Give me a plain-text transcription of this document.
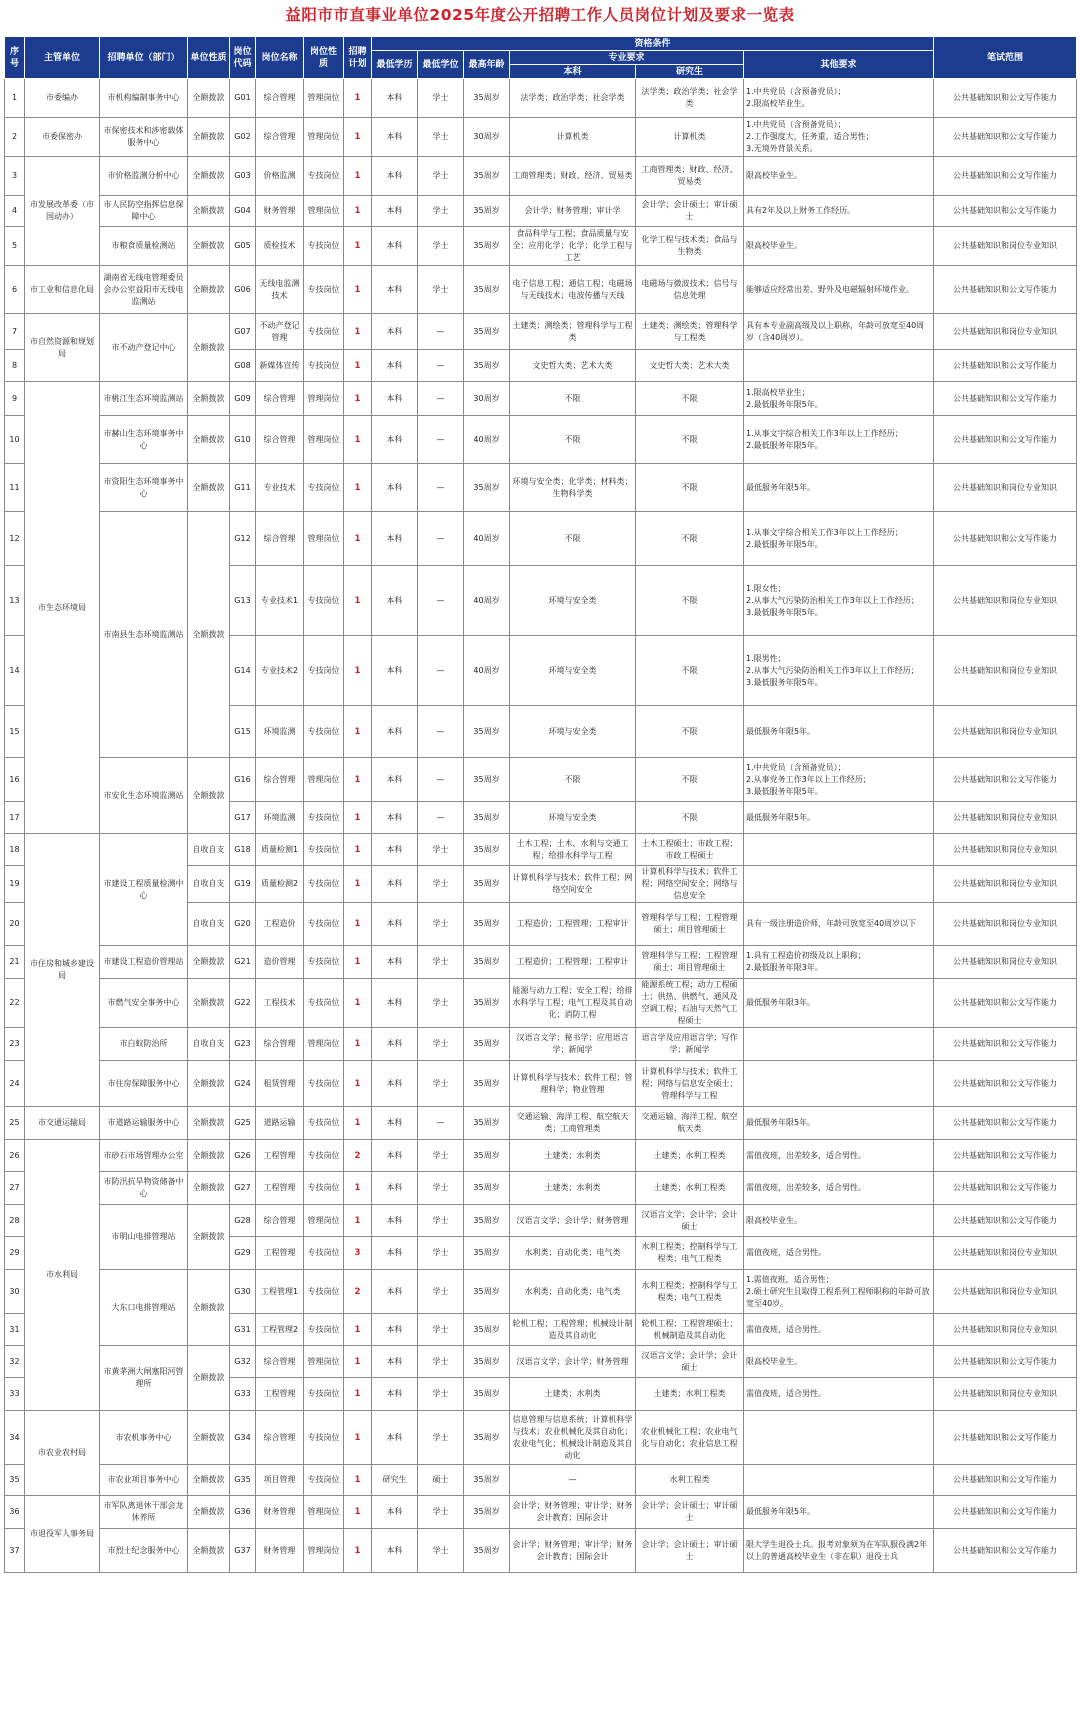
益阳市市直事业单位2025年度公开招聘工作人员岗位计划及要求一览表
序号	主管单位	招聘单位（部门）	单位性质	岗位代码	岗位名称	岗位性质	招聘计划	资格条件						笔试范围
								最低学历	最低学位	最高年龄	专业要求		其他要求	
											本科	研究生		
1	市委编办	市机构编制事务中心	全额拨款	G01	综合管理	管理岗位	1	本科	学士	35周岁	法学类；政治学类；社会学类	法学类；政治学类；社会学类	1.中共党员（含预备党员）；
2.限高校毕业生。	公共基础知识和公文写作能力
2	市委保密办	市保密技术和涉密载体服务中心	全额拨款	G02	综合管理	管理岗位	1	本科	学士	30周岁	计算机类	计算机类	1.中共党员（含预备党员）；
2.工作强度大，任务重，适合男性；
3.无境外背景关系。	公共基础知识和公文写作能力
3	市发展改革委（市国动办）	市价格监测分析中心	全额拨款	G03	价格监测	专技岗位	1	本科	学士	35周岁	工商管理类；财政、经济、贸易类	工商管理类；财政、经济、贸易类	限高校毕业生。	公共基础知识和公文写作能力
4		市人民防空指挥信息保障中心	全额拨款	G04	财务管理	管理岗位	1	本科	学士	35周岁	会计学；财务管理；审计学	会计学；会计硕士；审计硕士	具有2年及以上财务工作经历。	公共基础知识和公文写作能力
5		市粮食质量检测站	全额拨款	G05	质检技术	专技岗位	1	本科	学士	35周岁	食品科学与工程；食品质量与安全；应用化学；化学；化学工程与工艺	化学工程与技术类；食品与生物类	限高校毕业生。	公共基础知识和岗位专业知识
6	市工业和信息化局	湖南省无线电管理委员会办公室益阳市无线电监测站	全额拨款	G06	无线电监测技术	专技岗位	1	本科	学士	35周岁	电子信息工程；通信工程；电磁场与无线技术；电波传播与天线	电磁场与微波技术；信号与信息处理	能够适应经常出差、野外及电磁辐射环境作业。	公共基础知识和公文写作能力
7	市自然资源和规划局	市不动产登记中心	全额拨款	G07	不动产登记管理	专技岗位	1	本科	—	35周岁	土建类；测绘类；管理科学与工程类	土建类；测绘类；管理科学与工程类	具有本专业副高级及以上职称，年龄可放宽至40周岁（含40周岁）。	公共基础知识和岗位专业知识
8				G08	新媒体宣传	专技岗位	1	本科	—	35周岁	文史哲大类；艺术大类	文史哲大类；艺术大类		公共基础知识和公文写作能力
9	市生态环境局	市桃江生态环境监测站	全额拨款	G09	综合管理	管理岗位	1	本科	—	30周岁	不限	不限	1.限高校毕业生；
2.最低服务年限5年。	公共基础知识和公文写作能力
10		市赫山生态环境事务中心	全额拨款	G10	综合管理	管理岗位	1	本科	—	40周岁	不限	不限	1.从事文字综合相关工作3年以上工作经历；
2.最低服务年限5年。	公共基础知识和公文写作能力
11		市资阳生态环境事务中心	全额拨款	G11	专业技术	专技岗位	1	本科	—	35周岁	环境与安全类；化学类；材料类；生物科学类	不限	最低服务年限5年。	公共基础知识和岗位专业知识
12		市南县生态环境监测站	全额拨款	G12	综合管理	管理岗位	1	本科	—	40周岁	不限	不限	1.从事文字综合相关工作3年以上工作经历；
2.最低服务年限5年。	公共基础知识和公文写作能力
13				G13	专业技术1	专技岗位	1	本科	—	40周岁	环境与安全类	不限	1.限女性；
2.从事大气污染防治相关工作3年以上工作经历；
3.最低服务年限5年。	公共基础知识和岗位专业知识
14				G14	专业技术2	专技岗位	1	本科	—	40周岁	环境与安全类	不限	1.限男性；
2.从事大气污染防治相关工作3年以上工作经历；
3.最低服务年限5年。	公共基础知识和岗位专业知识
15				G15	环境监测	专技岗位	1	本科	—	35周岁	环境与安全类	不限	最低服务年限5年。	公共基础知识和岗位专业知识
16		市安化生态环境监测站	全额拨款	G16	综合管理	管理岗位	1	本科	—	35周岁	不限	不限	1.中共党员（含预备党员）；
2.从事党务工作3年以上工作经历；
3.最低服务年限5年。	公共基础知识和公文写作能力
17				G17	环境监测	专技岗位	1	本科	—	35周岁	环境与安全类	不限	最低服务年限5年。	公共基础知识和岗位专业知识
18	市住房和城乡建设局	市建设工程质量检测中心	自收自支	G18	质量检测1	专技岗位	1	本科	学士	35周岁	土木工程；土木、水利与交通工程；给排水科学与工程	土木工程硕士；市政工程；市政工程硕士		公共基础知识和岗位专业知识
19			自收自支	G19	质量检测2	专技岗位	1	本科	学士	35周岁	计算机科学与技术；软件工程；网络空间安全	计算机科学与技术；软件工程；网络空间安全；网络与信息安全		公共基础知识和岗位专业知识
20			自收自支	G20	工程造价	专技岗位	1	本科	学士	35周岁	工程造价；工程管理；工程审计	管理科学与工程；工程管理硕士；项目管理硕士	具有一级注册造价师，年龄可放宽至40周岁以下	公共基础知识和岗位专业知识
21		市建设工程造价管理站	全额拨款	G21	造价管理	专技岗位	1	本科	学士	35周岁	工程造价；工程管理；工程审计	管理科学与工程；工程管理硕士；项目管理硕士	1.具有工程造价初级及以上职称；
2.最低服务年限3年。	公共基础知识和岗位专业知识
22		市燃气安全事务中心	全额拨款	G22	工程技术	专技岗位	1	本科	学士	35周岁	能源与动力工程；安全工程；给排水科学与工程；电气工程及其自动化；消防工程	能源系统工程；动力工程硕士；供热、供燃气、通风及空调工程；石油与天然气工程硕士	最低服务年限3年。	公共基础知识和公文写作能力
23		市白蚁防治所	自收自支	G23	综合管理	管理岗位	1	本科	学士	35周岁	汉语言文学；秘书学；应用语言学；新闻学	语言学及应用语言学；写作学；新闻学		公共基础知识和公文写作能力
24		市住房保障服务中心	全额拨款	G24	租赁管理	专技岗位	1	本科	学士	35周岁	计算机科学与技术；软件工程；管理科学；物业管理	计算机科学与技术；软件工程；网络与信息安全硕士；管理科学与工程		公共基础知识和公文写作能力
25	市交通运输局	市道路运输服务中心	全额拨款	G25	道路运输	专技岗位	1	本科	—	35周岁	交通运输、海洋工程、航空航天类；工商管理类	交通运输、海洋工程、航空航天类	最低服务年限5年。	公共基础知识和公文写作能力
26	市水利局	市砂石市场管理办公室	全额拨款	G26	工程管理	专技岗位	2	本科	学士	35周岁	土建类；水利类	土建类；水利工程类	需值夜班，出差较多，适合男性。	公共基础知识和公文写作能力
27		市防汛抗旱物资储备中心	全额拨款	G27	工程管理	专技岗位	1	本科	学士	35周岁	土建类；水利类	土建类；水利工程类	需值夜班，出差较多，适合男性。	公共基础知识和公文写作能力
28		市明山电排管理站	全额拨款	G28	综合管理	管理岗位	1	本科	学士	35周岁	汉语言文学；会计学；财务管理	汉语言文学；会计学；会计硕士	限高校毕业生。	公共基础知识和公文写作能力
29				G29	工程管理	专技岗位	3	本科	学士	35周岁	水利类；自动化类；电气类	水利工程类；控制科学与工程类；电气工程类	需值夜班，适合男性。	公共基础知识和岗位专业知识
30		大东口电排管理站	全额拨款	G30	工程管理1	专技岗位	2	本科	学士	35周岁	水利类；自动化类；电气类	水利工程类；控制科学与工程类；电气工程类	1.需值夜班，适合男性；
2.硕士研究生且取得工程系列工程师职称的年龄可放宽至40岁。	公共基础知识和岗位专业知识
31				G31	工程管理2	专技岗位	1	本科	学士	35周岁	轮机工程；工程管理；机械设计制造及其自动化	轮机工程；工程管理硕士；机械制造及其自动化	需值夜班，适合男性。	公共基础知识和岗位专业知识
32		市黄茅洲大闸塞阳河管理所	全额拨款	G32	综合管理	管理岗位	1	本科	学士	35周岁	汉语言文学；会计学；财务管理	汉语言文学；会计学；会计硕士	限高校毕业生。	公共基础知识和公文写作能力
33				G33	工程管理	专技岗位	1	本科	学士	35周岁	土建类；水利类	土建类；水利工程类	需值夜班，适合男性。	公共基础知识和岗位专业知识
34	市农业农村局	市农机事务中心	全额拨款	G34	综合管理	专技岗位	1	本科	学士	35周岁	信息管理与信息系统；计算机科学与技术；农业机械化及其自动化；农业电气化；机械设计制造及其自动化	农业机械化工程；农业电气化与自动化；农业信息工程		公共基础知识和公文写作能力
35		市农业项目事务中心	全额拨款	G35	项目管理	专技岗位	1	研究生	硕士	35周岁	—	水利工程类		公共基础知识和公文写作能力
36	市退役军人事务局	市军队离退休干部会龙休养所	全额拨款	G36	财务管理	管理岗位	1	本科	学士	35周岁	会计学；财务管理；审计学；财务会计教育；国际会计	会计学；会计硕士；审计硕士	最低服务年限5年。	公共基础知识和公文写作能力
37		市烈士纪念服务中心	全额拨款	G37	财务管理	管理岗位	1	本科	学士	35周岁	会计学；财务管理；审计学；财务会计教育；国际会计	会计学；会计硕士；审计硕士	限大学生退役士兵。报考对象须为在军队服役满2年以上的普通高校毕业生（非在职）退役士兵	公共基础知识和公文写作能力
